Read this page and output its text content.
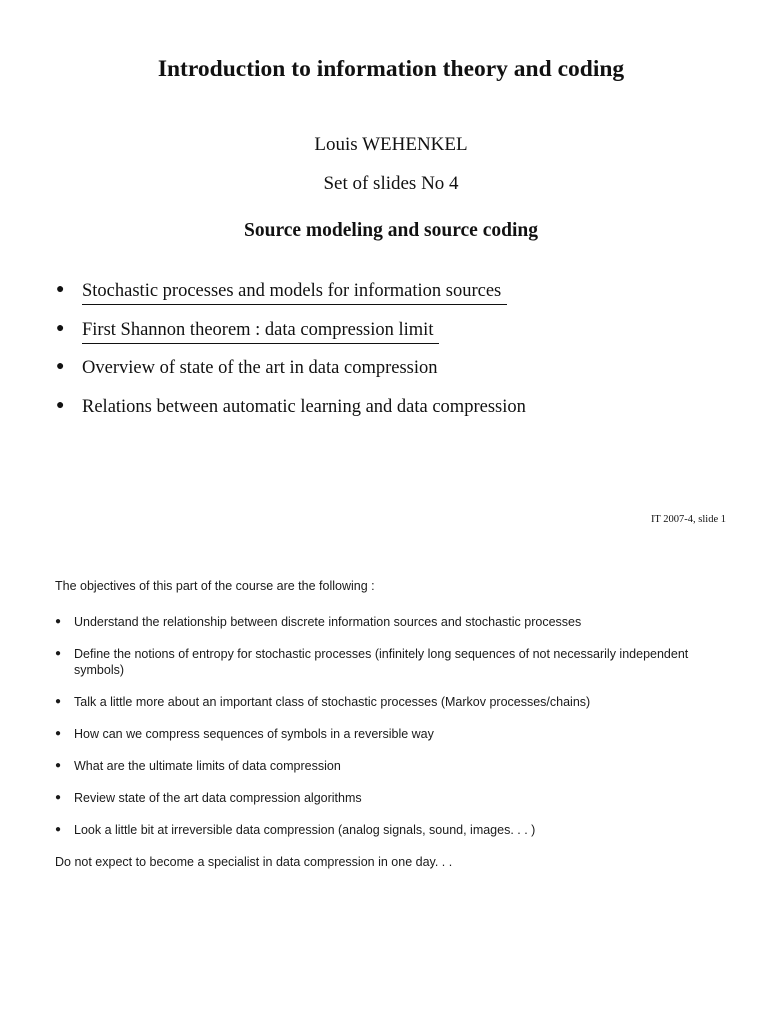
Introduction to information theory and coding

Louis WEHENKEL

Set of slides No 4

Source modeling and source coding
● Stochastic processes and models for information sources
● First Shannon theorem : data compression limit
● Overview of state of the art in data compression
● Relations between automatic learning and data compression

IT 2007-4, slide 1

The objectives of this part of the course are the following :

● Understand the relationship between discrete information sources and stochastic processes
● Define the notions of entropy for stochastic processes (infinitely long sequences of not necessarily independent symbols)
● Talk a little more about an important class of stochastic processes (Markov processes/chains)
● How can we compress sequences of symbols in a reversible way
● What are the ultimate limits of data compression
● Review state of the art data compression algorithms
● Look a little bit at irreversible data compression (analog signals, sound, images. . . )

Do not expect to become a specialist in data compression in one day. . .
